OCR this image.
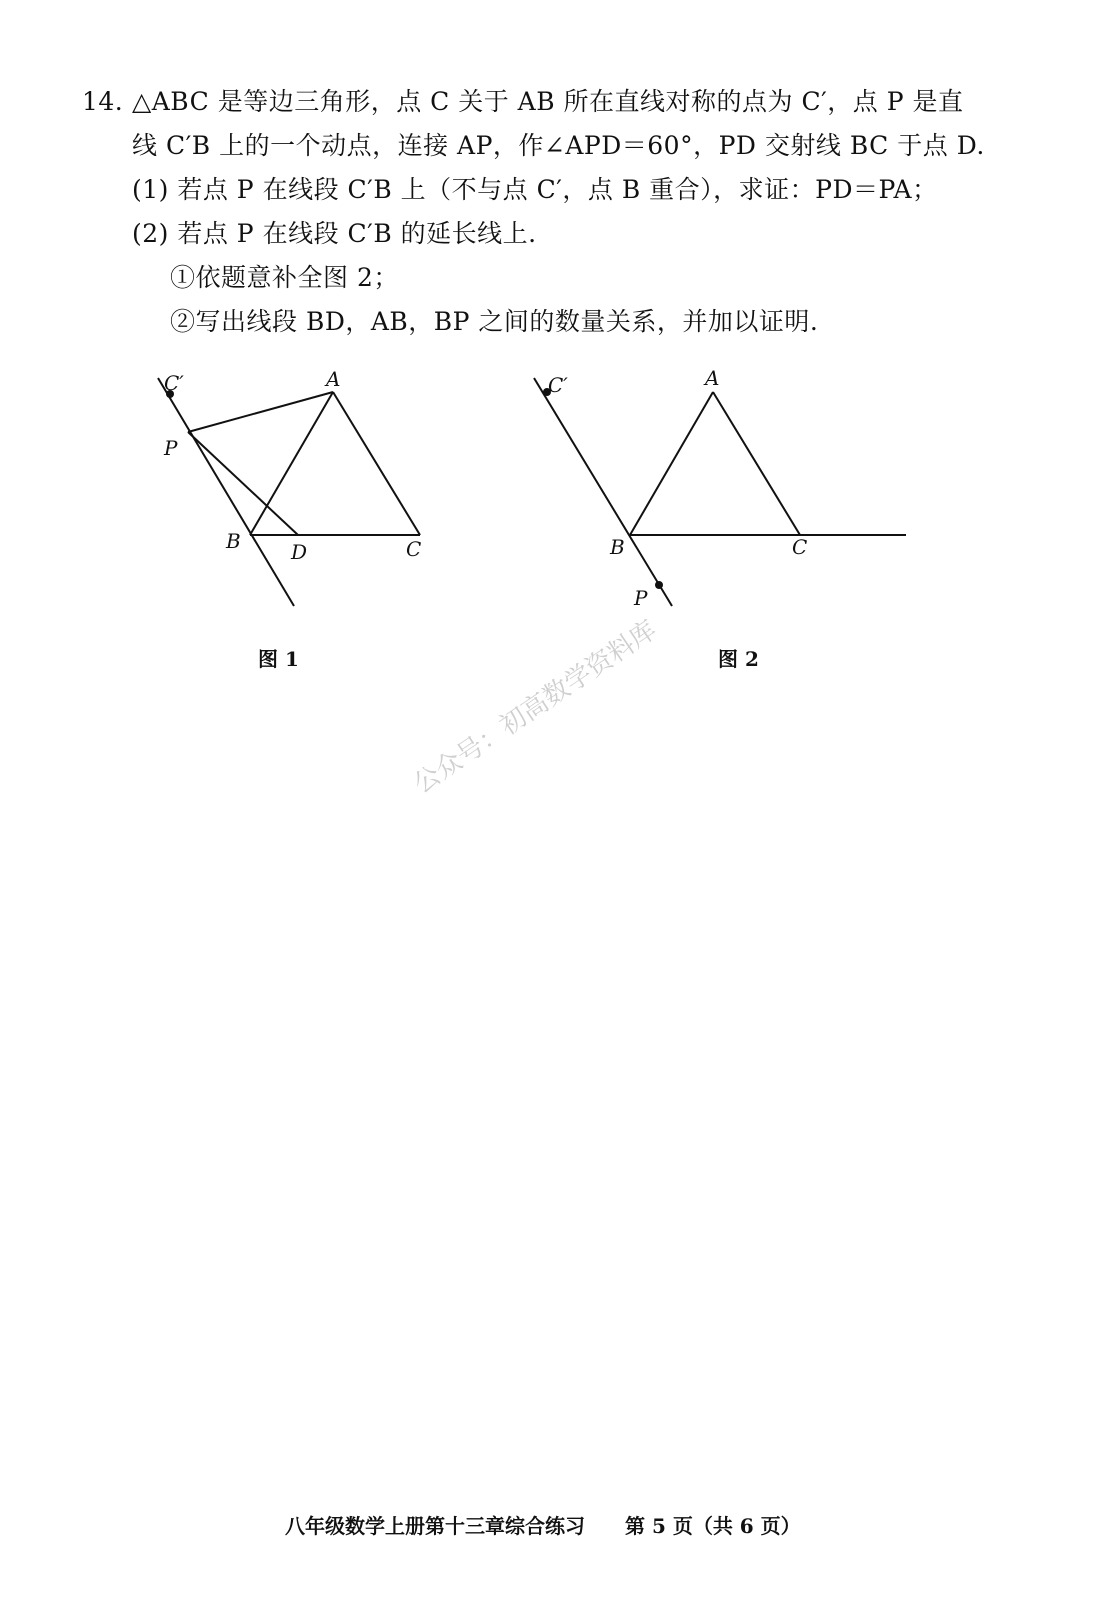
14. △ABC 是等边三角形，点 C 关于 AB 所在直线对称的点为 C′，点 P 是直
线 C′B 上的一个动点，连接 AP，作∠APD＝60°，PD 交射线 BC 于点 D.
(1) 若点 P 在线段 C′B 上（不与点 C′，点 B 重合），求证：PD＝PA；
(2) 若点 P 在线段 C′B 的延长线上.
①依题意补全图 2；
②写出线段 BD，AB，BP 之间的数量关系，并加以证明.
C′	A
P
B	D	C
图 1
C′	A
B	C
P
图 2
公众号：初高数学资料库
八年级数学上册第十三章综合练习 第 5 页（共 6 页）
